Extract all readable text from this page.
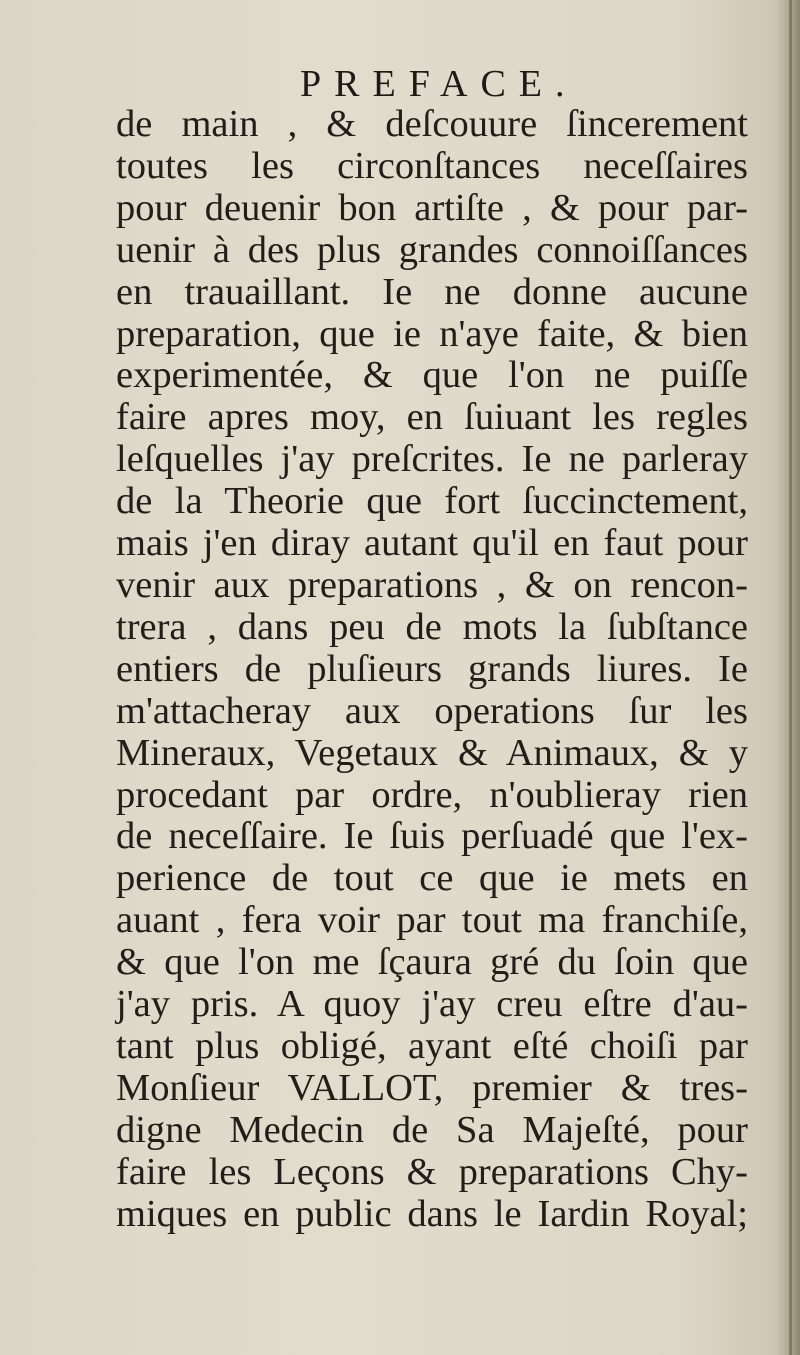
PREFACE.
de main , & deſcouure ſincerement
toutes les circonſtances neceſſaires
pour deuenir bon artiſte , & pour par-
uenir à des plus grandes connoiſſances
en trauaillant. Ie ne donne aucune
preparation, que ie n'aye faite, & bien
experimentée, & que l'on ne puiſſe
faire apres moy, en ſuiuant les regles
leſquelles j'ay preſcrites. Ie ne parleray
de la Theorie que fort ſuccinctement,
mais j'en diray autant qu'il en faut pour
venir aux preparations , & on rencon-
trera , dans peu de mots la ſubſtance
entiers de pluſieurs grands liures. Ie
m'attacheray aux operations ſur les
Mineraux, Vegetaux & Animaux, & y
procedant par ordre, n'oublieray rien
de neceſſaire. Ie ſuis perſuadé que l'ex-
perience de tout ce que ie mets en
auant , fera voir par tout ma franchiſe,
& que l'on me ſçaura gré du ſoin que
j'ay pris. A quoy j'ay creu eſtre d'au-
tant plus obligé, ayant eſté choiſi par
Monſieur VALLOT, premier & tres-
digne Medecin de Sa Majeſté, pour
faire les Leçons & preparations Chy-
miques en public dans le Iardin Royal;
